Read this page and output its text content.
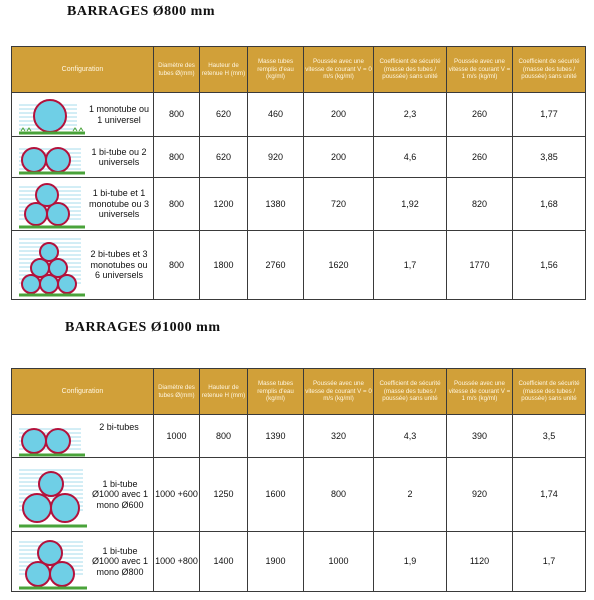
BARRAGES Ø800 mm
Configuration	Diamètre des tubes Ø(mm)	Hauteur de retenue H (mm)	Masse tubes remplis d'eau (kg/ml)	Poussée avec une vitesse de courant V = 0 m/s (kg/ml)	Coefficient de sécurité (masse des tubes / poussée) sans unité	Poussée avec une vitesse de courant V = 1 m/s (kg/ml)	Coefficient de sécurité (masse des tubes / poussée) sans unité

1 monotube ou 1 universel	800	620	460	200	2,3	260	1,77

1 bi-tube ou 2 universels	800	620	920	200	4,6	260	3,85

1 bi-tube et 1 monotube ou 3 universels	800	1200	1380	720	1,92	820	1,68

2 bi-tubes et 3 monotubes ou 6 universels	800	1800	2760	1620	1,7	1770	1,56
BARRAGES Ø1000 mm
Configuration	Diamètre des tubes Ø(mm)	Hauteur de retenue H (mm)	Masse tubes remplis d'eau (kg/ml)	Poussée avec une vitesse de courant V = 0 m/s (kg/ml)	Coefficient de sécurité (masse des tubes / poussée) sans unité	Poussée avec une vitesse de courant V = 1 m/s (kg/ml)	Coefficient de sécurité (masse des tubes / poussée) sans unité

2 bi-tubes	1000	800	1390	320	4,3	390	3,5

1 bi-tube Ø1000 avec 1 mono Ø600	1000 +600	1250	1600	800	2	920	1,74

1 bi-tube Ø1000 avec 1 mono Ø800	1000 +800	1400	1900	1000	1,9	1120	1,7
